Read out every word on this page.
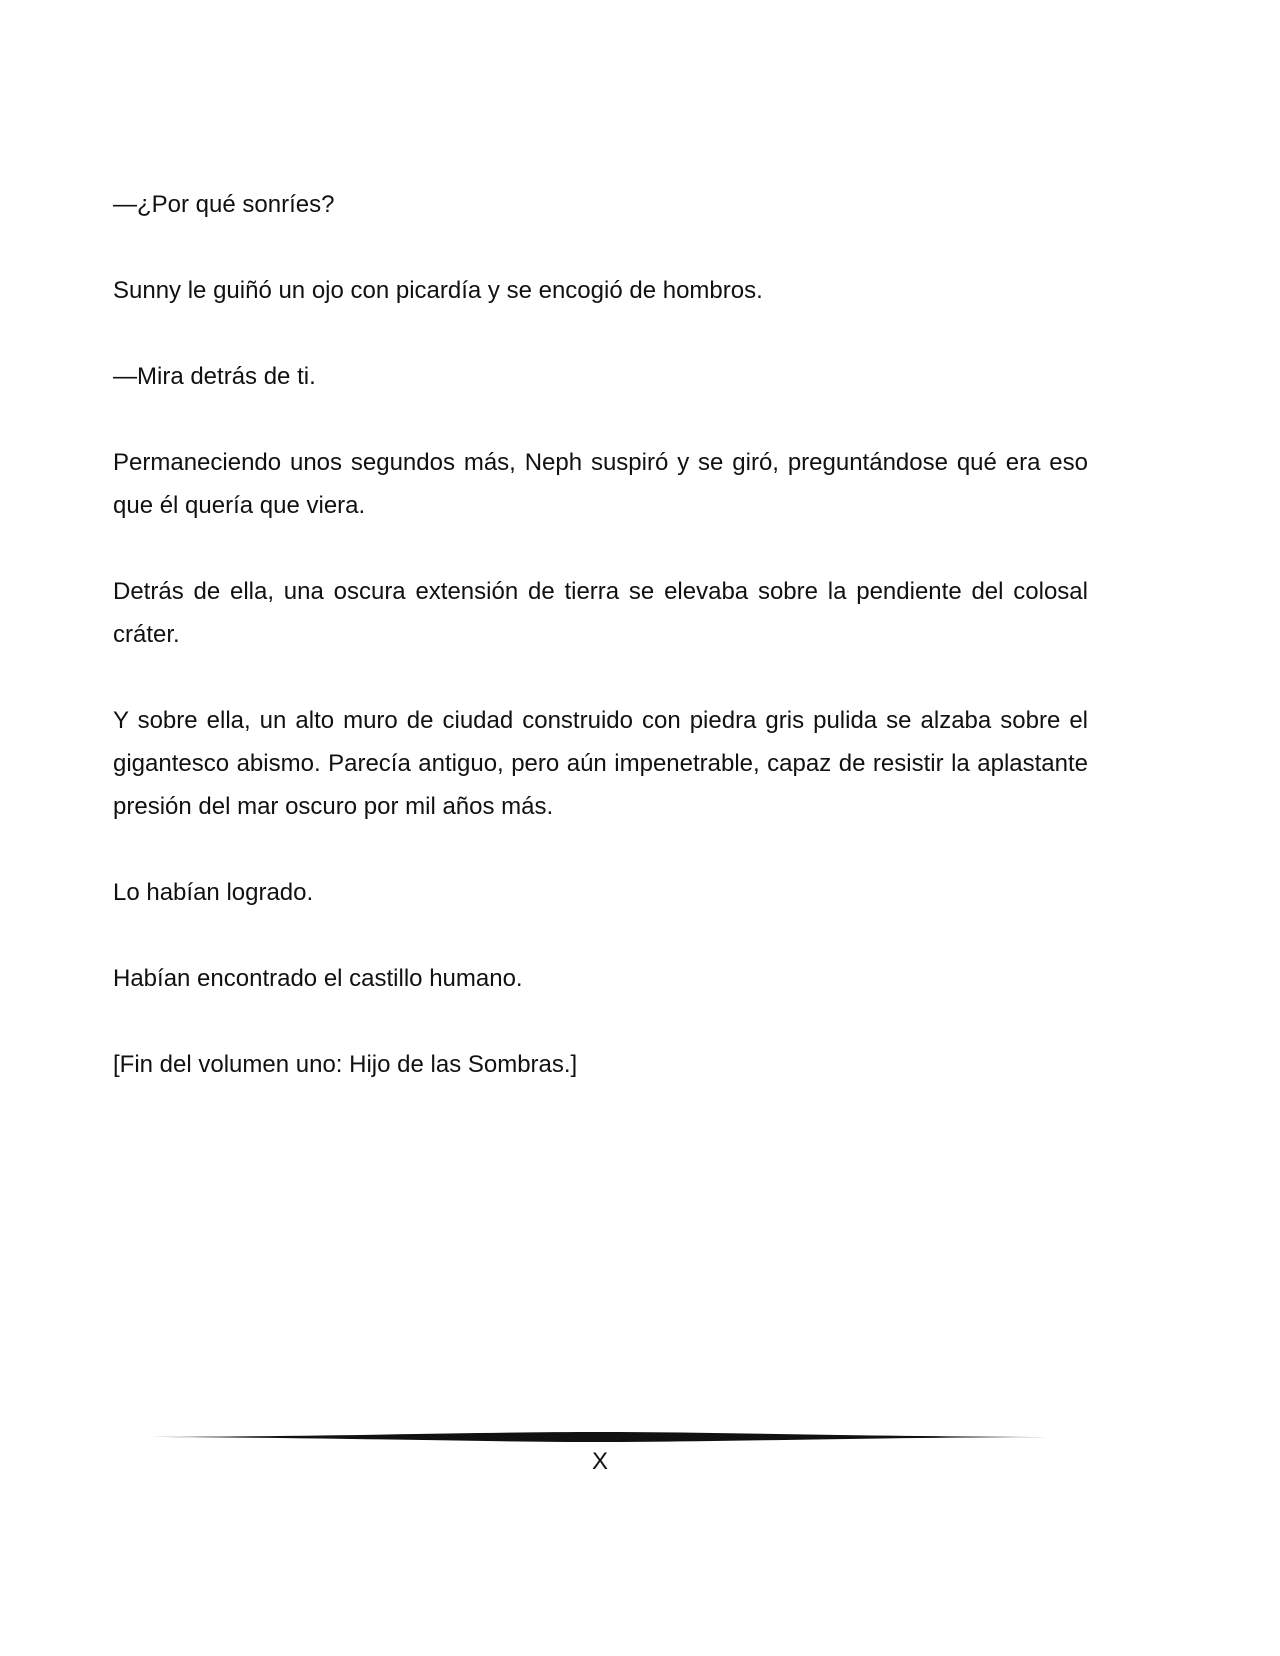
—¿Por qué sonríes?

Sunny le guiñó un ojo con picardía y se encogió de hombros.

—Mira detrás de ti.

Permaneciendo unos segundos más, Neph suspiró y se giró, preguntándose qué era eso que él quería que viera.

Detrás de ella, una oscura extensión de tierra se elevaba sobre la pendiente del colosal cráter.

Y sobre ella, un alto muro de ciudad construido con piedra gris pulida se alzaba sobre el gigantesco abismo. Parecía antiguo, pero aún impenetrable, capaz de resistir la aplastante presión del mar oscuro por mil años más.

Lo habían logrado.

Habían encontrado el castillo humano.

[Fin del volumen uno: Hijo de las Sombras.]

X
